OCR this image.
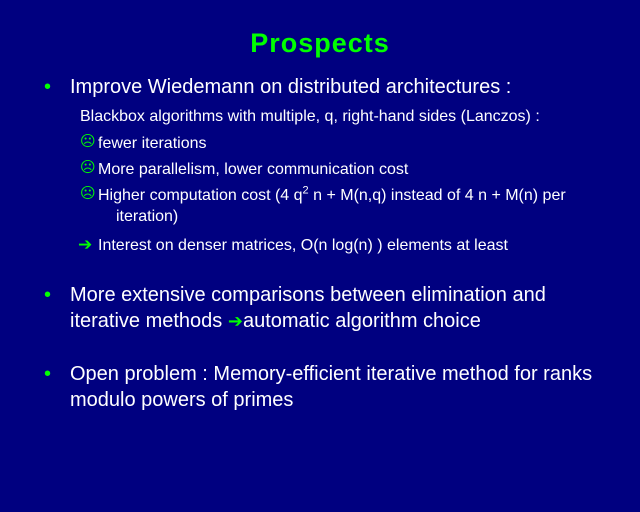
Prospects
• Improve Wiedemann on distributed architectures :
Blackbox algorithms with multiple, q, right-hand sides (Lanczos) :
☹ fewer iterations
☹ More parallelism, lower communication cost
☹ Higher computation cost (4 $q^2$ n + M(n,q) instead of 4 n + M(n) per iteration)
➔ Interest on denser matrices, O(n log(n) ) elements at least
• More extensive comparisons between elimination and iterative methods ➔automatic algorithm choice
• Open problem : Memory-efficient iterative method for ranks modulo powers of primes
